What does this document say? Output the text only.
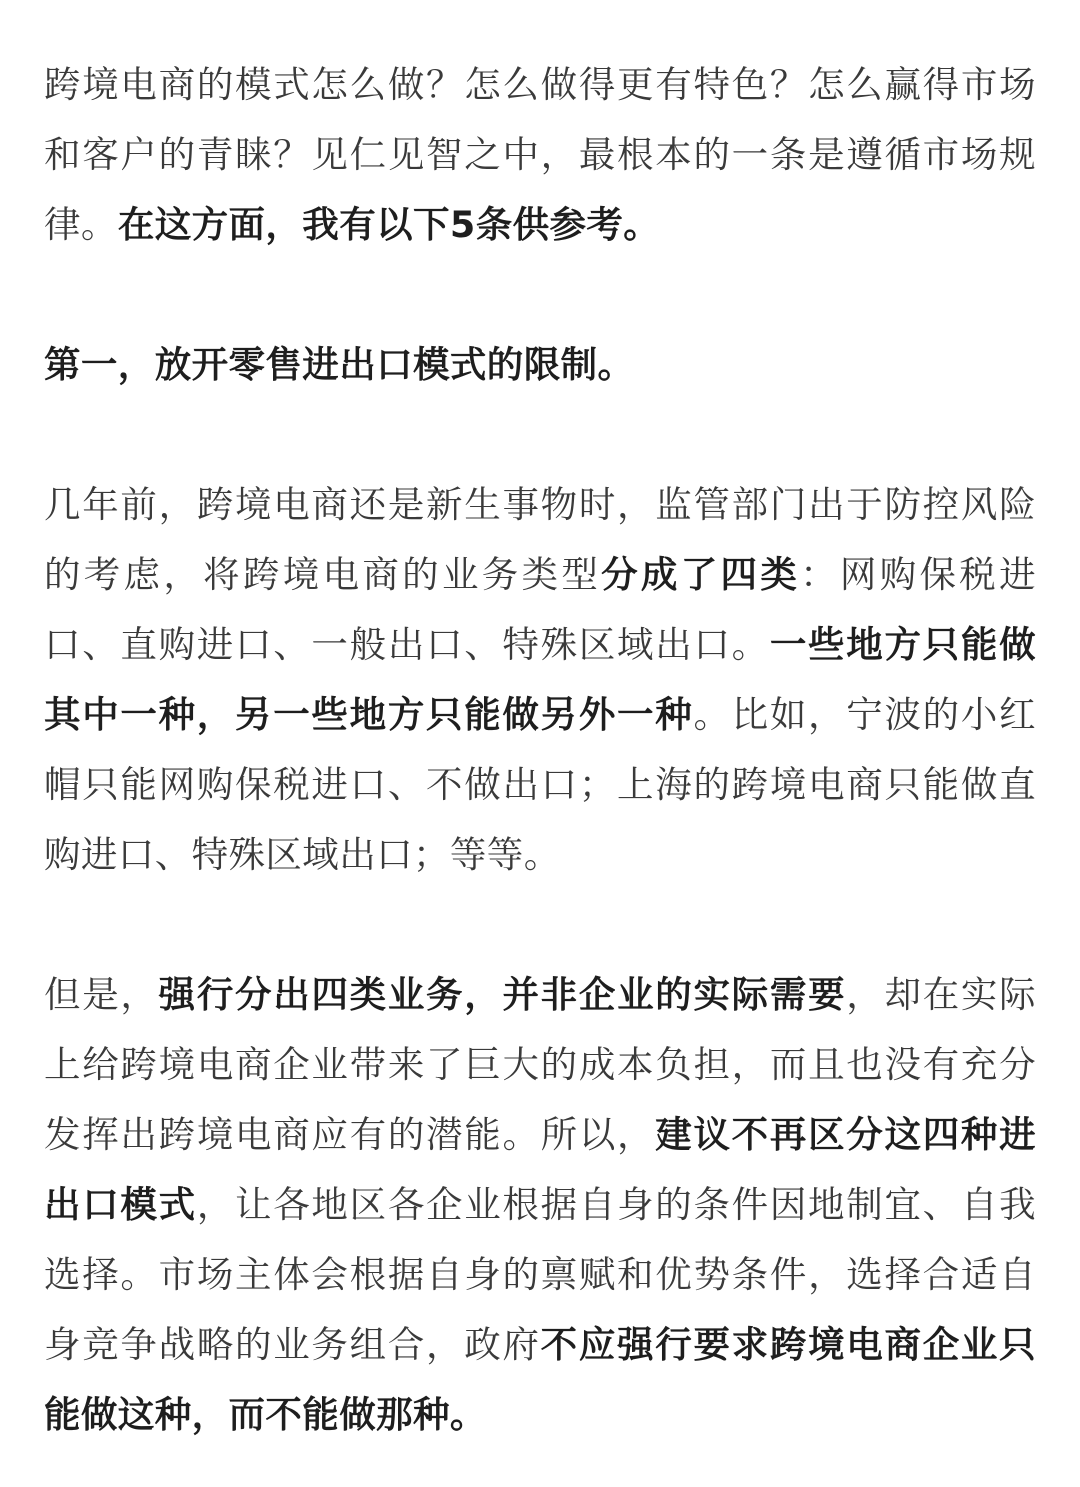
跨境电商的模式怎么做？怎么做得更有特色？怎么赢得市场和客户的青睐？见仁见智之中，最根本的一条是遵循市场规律。在这方面，我有以下5条供参考。

第一，放开零售进出口模式的限制。

几年前，跨境电商还是新生事物时，监管部门出于防控风险的考虑，将跨境电商的业务类型分成了四类：网购保税进口、直购进口、一般出口、特殊区域出口。一些地方只能做其中一种，另一些地方只能做另外一种。比如，宁波的小红帽只能网购保税进口、不做出口；上海的跨境电商只能做直购进口、特殊区域出口；等等。

但是，强行分出四类业务，并非企业的实际需要，却在实际上给跨境电商企业带来了巨大的成本负担，而且也没有充分发挥出跨境电商应有的潜能。所以，建议不再区分这四种进出口模式，让各地区各企业根据自身的条件因地制宜、自我选择。市场主体会根据自身的禀赋和优势条件，选择合适自身竞争战略的业务组合，政府不应强行要求跨境电商企业只能做这种，而不能做那种。
